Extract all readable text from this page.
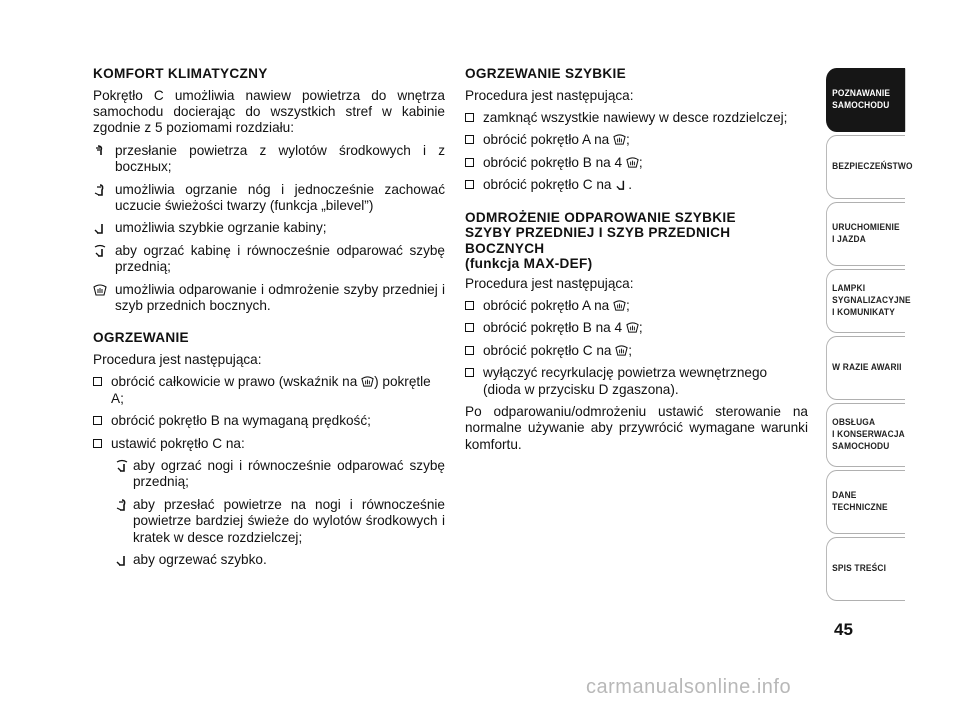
KOMFORT KLIMATYCZNY

Pokrętło C umożliwia nawiew powietrza do wnętrza samochodu docierając do wszystkich stref w kabinie zgodnie z 5 poziomami rozdziału:

przesłanie powietrza z wylotów środkowych i z boczных;
umożliwia ogrzanie nóg i jednocześnie zachować uczucie świeżości twarzy (funkcja „bilevel”)
umożliwia szybkie ogrzanie kabiny;
aby ogrzać kabinę i równocześnie odparować szybę przednią;
umożliwia odparowanie i odmrożenie szyby przedniej i szyb przednich bocznych.
OGRZEWANIE

Procedura jest następująca:

obrócić całkowicie w prawo (wskaźnik na ) pokrętle A;
obrócić pokrętło B na wymaganą prędkość;
ustawić pokrętło C na:
aby ogrzać nogi i równocześnie odparować szybę przednią;
aby przesłać powietrze na nogi i równocześnie powietrze bardziej świeże do wylotów środkowych i kratek w desce rozdzielczej;
aby ogrzewać szybko.
OGRZEWANIE SZYBKIE

Procedura jest następująca:

zamknąć wszystkie nawiewy w desce rozdzielczej;
obrócić pokrętło A na ;
obrócić pokrętło B na 4 ;
obrócić pokrętło C na .
ODMROŻENIE ODPAROWANIE SZYBKIE
SZYBY PRZEDNIEJ I SZYB PRZEDNICH
BOCZNYCH
(funkcja MAX-DEF)

Procedura jest następująca:

obrócić pokrętło A na ;
obrócić pokrętło B na 4 ;
obrócić pokrętło C na ;
wyłączyć recyrkulację powietrza wewnętrznego (dioda w przycisku D zgaszona).

Po odparowaniu/odmrożeniu ustawić sterowanie na normalne używanie aby przywrócić wymagane warunki komfortu.

POZNAWANIE
SAMOCHODU
BEZPIECZEŃSTWO
URUCHOMIENIE
I JAZDA
LAMPKI
SYGNALIZACYJNE
I KOMUNIKATY
W RAZIE AWARII
OBSŁUGA
I KONSERWACJA
SAMOCHODU
DANE
TECHNICZNE
SPIS TREŚCI
45
carmanualsonline.info
